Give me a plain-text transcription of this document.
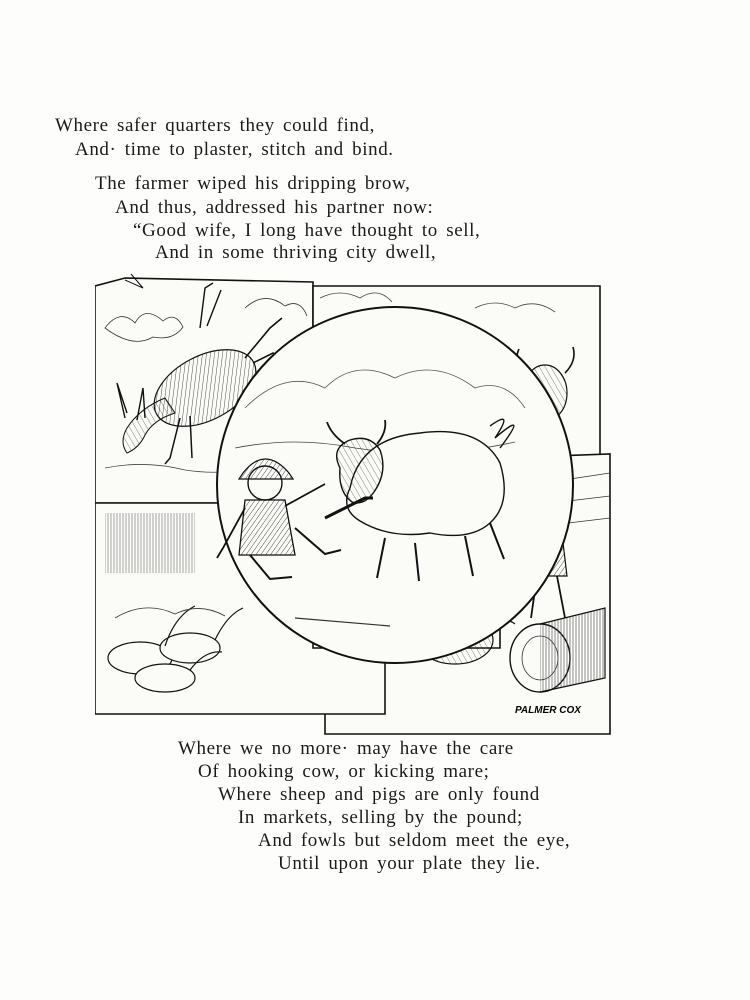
Where safer quarters they could find,
And· time to plaster, stitch and bind.
The farmer wiped his dripping brow,
And thus, addressed his partner now:
“Good wife, I long have thought to sell,
And in some thriving city dwell,
PALMER COX
Where we no more· may have the care
Of hooking cow, or kicking mare;
Where sheep and pigs are only found
In markets, selling by the pound;
And fowls but seldom meet the eye,
Until upon your plate they lie.
